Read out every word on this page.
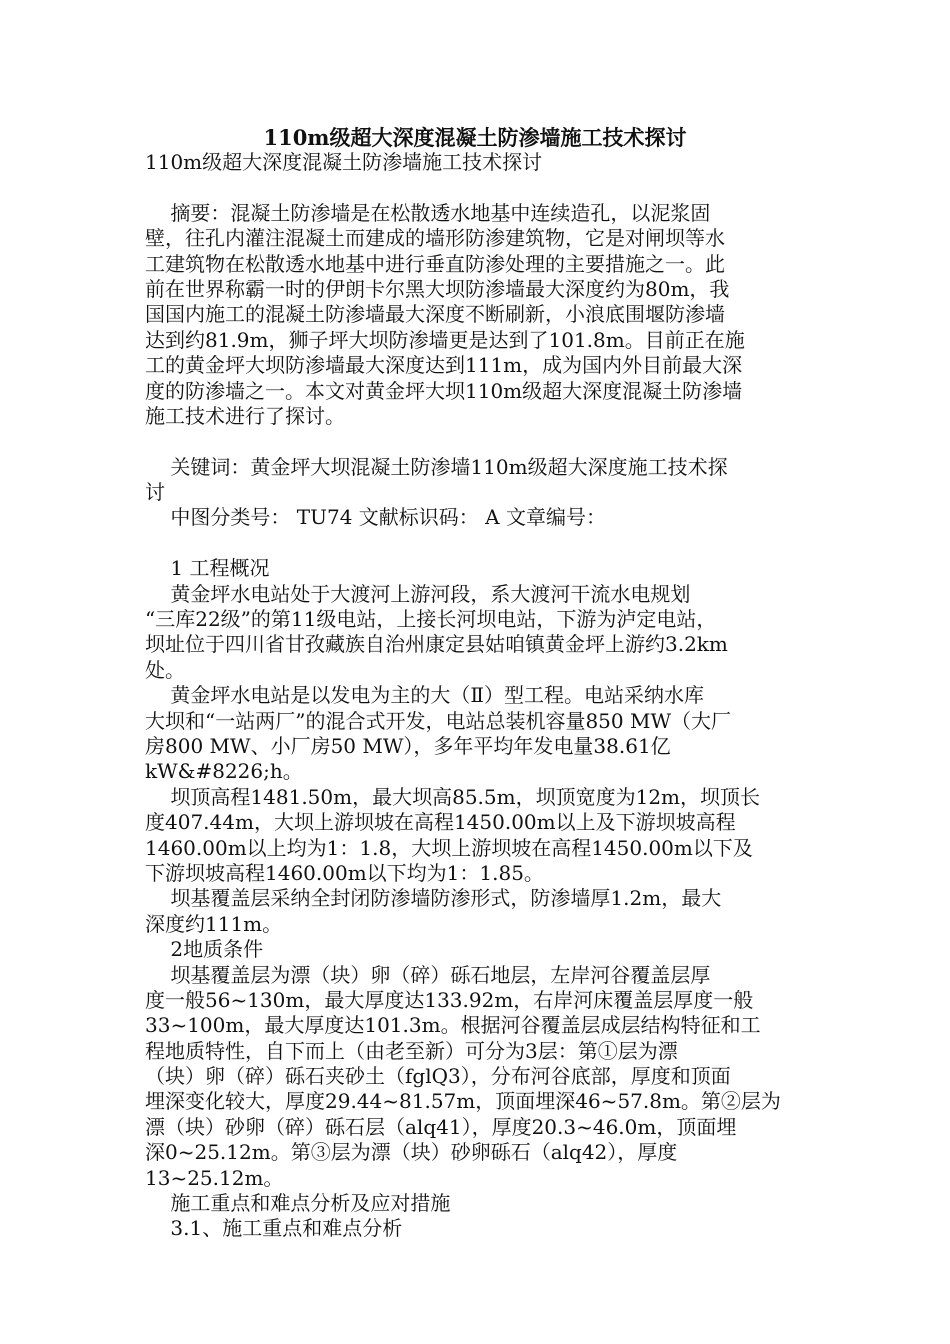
110m级超大深度混凝土防渗墙施工技术探讨
110m级超大深度混凝土防渗墙施工技术探讨
摘要：混凝土防渗墙是在松散透水地基中连续造孔，以泥浆固
壁，往孔内灌注混凝土而建成的墙形防渗建筑物，它是对闸坝等水
工建筑物在松散透水地基中进行垂直防渗处理的主要措施之一。此
前在世界称霸一时的伊朗卡尔黑大坝防渗墙最大深度约为80m，我
国国内施工的混凝土防渗墙最大深度不断刷新，小浪底围堰防渗墙
达到约81.9m，狮子坪大坝防渗墙更是达到了101.8m。目前正在施
工的黄金坪大坝防渗墙最大深度达到111m，成为国内外目前最大深
度的防渗墙之一。本文对黄金坪大坝110m级超大深度混凝土防渗墙
施工技术进行了探讨。
关键词：黄金坪大坝混凝土防渗墙110m级超大深度施工技术探
讨
中图分类号： TU74 文献标识码： A 文章编号：
1 工程概况
黄金坪水电站处于大渡河上游河段，系大渡河干流水电规划
“三库22级”的第11级电站，上接长河坝电站，下游为泸定电站，
坝址位于四川省甘孜藏族自治州康定县姑咱镇黄金坪上游约3.2km
处。
黄金坪水电站是以发电为主的大（Ⅱ）型工程。电站采纳水库
大坝和“一站两厂”的混合式开发，电站总装机容量850 MW（大厂
房800 MW、小厂房50 MW），多年平均年发电量38.61亿
kW&#8226;h。
坝顶高程1481.50m，最大坝高85.5m，坝顶宽度为12m，坝顶长
度407.44m，大坝上游坝坡在高程1450.00m以上及下游坝坡高程
1460.00m以上均为1：1.8，大坝上游坝坡在高程1450.00m以下及
下游坝坡高程1460.00m以下均为1：1.85。
坝基覆盖层采纳全封闭防渗墙防渗形式，防渗墙厚1.2m，最大
深度约111m。
2地质条件
坝基覆盖层为漂（块）卵（碎）砾石地层，左岸河谷覆盖层厚
度一般56~130m，最大厚度达133.92m，右岸河床覆盖层厚度一般
33~100m，最大厚度达101.3m。根据河谷覆盖层成层结构特征和工
程地质特性，自下而上（由老至新）可分为3层：第①层为漂
（块）卵（碎）砾石夹砂土（fglQ3），分布河谷底部，厚度和顶面
埋深变化较大，厚度29.44~81.57m，顶面埋深46~57.8m。第②层为
漂（块）砂卵（碎）砾石层（alq41），厚度20.3~46.0m，顶面埋
深0~25.12m。第③层为漂（块）砂卵砾石（alq42），厚度
13~25.12m。
施工重点和难点分析及应对措施
3.1、施工重点和难点分析
